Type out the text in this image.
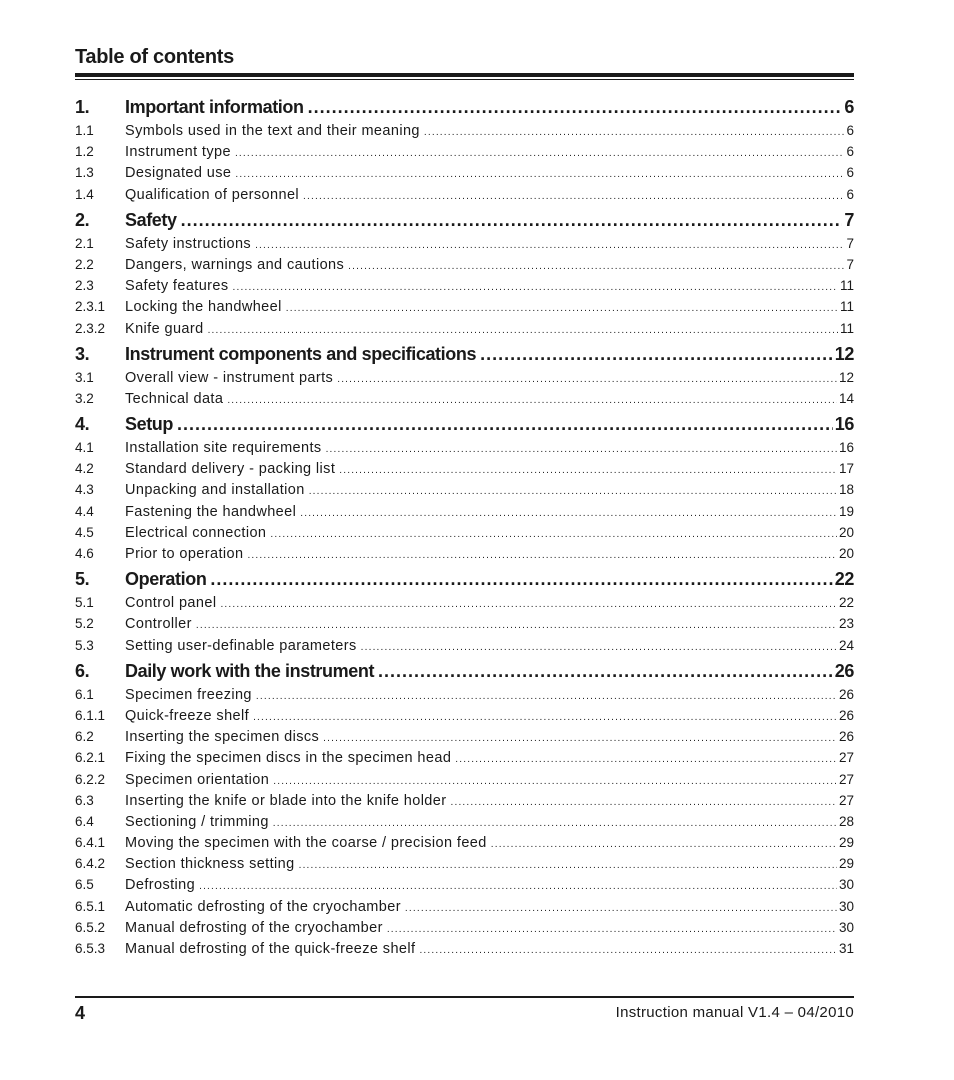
Table of contents
1.	Important information .....	6
1.1	Symbols used in the text and their meaning .....	6
1.2	Instrument type .....	6
1.3	Designated use .....	6
1.4	Qualification of personnel .....	6
2.	Safety .....	7
2.1	Safety instructions .....	7
2.2	Dangers, warnings and cautions .....	7
2.3	Safety features .....	11
2.3.1	Locking the handwheel .....	11
2.3.2	Knife guard .....	11
3.	Instrument components and specifications .....	12
3.1	Overall view - instrument parts .....	12
3.2	Technical data .....	14
4.	Setup .....	16
4.1	Installation site requirements .....	16
4.2	Standard delivery - packing list .....	17
4.3	Unpacking and installation .....	18
4.4	Fastening the handwheel .....	19
4.5	Electrical connection .....	20
4.6	Prior to operation .....	20
5.	Operation .....	22
5.1	Control panel .....	22
5.2	Controller .....	23
5.3	Setting user-definable parameters .....	24
6.	Daily work with the instrument .....	26
6.1	Specimen freezing .....	26
6.1.1	Quick-freeze shelf .....	26
6.2	Inserting the specimen discs .....	26
6.2.1	Fixing the specimen discs in the specimen head .....	27
6.2.2	Specimen orientation .....	27
6.3	Inserting the knife or blade into the knife holder .....	27
6.4	Sectioning / trimming .....	28
6.4.1	Moving the specimen with the coarse / precision feed .....	29
6.4.2	Section thickness setting .....	29
6.5	Defrosting .....	30
6.5.1	Automatic defrosting of the cryochamber .....	30
6.5.2	Manual defrosting of the cryochamber .....	30
6.5.3	Manual defrosting of the quick-freeze shelf .....	31
4	Instruction manual V1.4 – 04/2010
